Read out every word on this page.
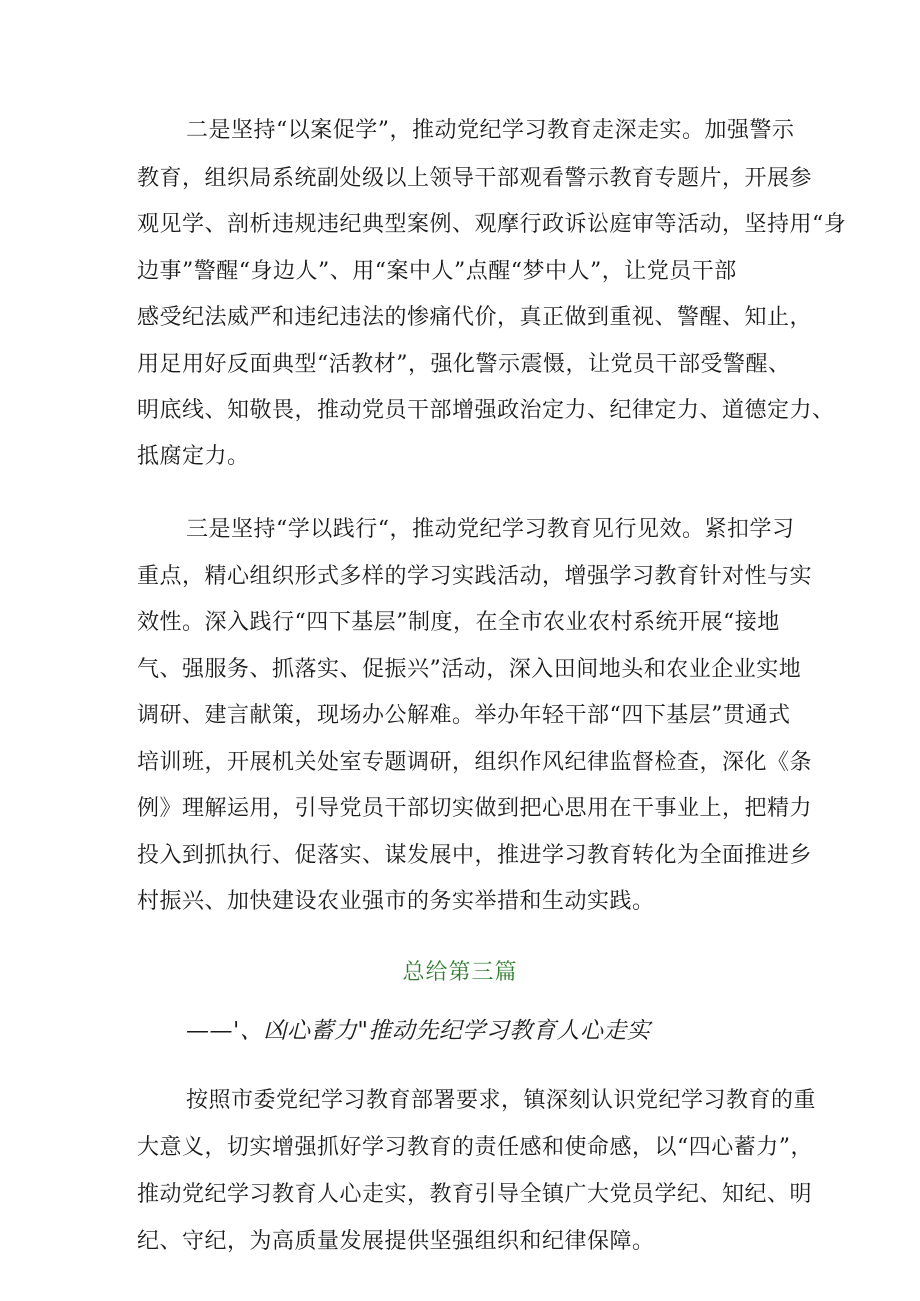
二是坚持“以案促学”，推动党纪学习教育走深走实。加强警示

教育，组织局系统副处级以上领导干部观看警示教育专题片，开展参

观见学、剖析违规违纪典型案例、观摩行政诉讼庭审等活动，坚持用“身

边事”警醒“身边人”、用“案中人”点醒“梦中人”，让党员干部

感受纪法威严和违纪违法的惨痛代价，真正做到重视、警醒、知止，

用足用好反面典型“活教材”，强化警示震慑，让党员干部受警醒、

明底线、知敬畏，推动党员干部增强政治定力、纪律定力、道德定力、

抵腐定力。

三是坚持“学以践行“，推动党纪学习教育见行见效。紧扣学习

重点，精心组织形式多样的学习实践活动，增强学习教育针对性与实

效性。深入践行“四下基层”制度，在全市农业农村系统开展“接地

气、强服务、抓落实、促振兴”活动，深入田间地头和农业企业实地

调研、建言献策，现场办公解难。举办年轻干部“四下基层”贯通式

培训班，开展机关处室专题调研，组织作风纪律监督检查，深化《条

例》理解运用，引导党员干部切实做到把心思用在干事业上，把精力

投入到抓执行、促落实、谋发展中，推进学习教育转化为全面推进乡

村振兴、加快建设农业强市的务实举措和生动实践。

总给第三篇
——'、凶心蓄力"推动先纪学习教育人心走实

按照市委党纪学习教育部署要求，镇深刻认识党纪学习教育的重

大意义，切实增强抓好学习教育的责任感和使命感，以“四心蓄力”，

推动党纪学习教育人心走实，教育引导全镇广大党员学纪、知纪、明

纪、守纪，为高质量发展提供坚强组织和纪律保障。
